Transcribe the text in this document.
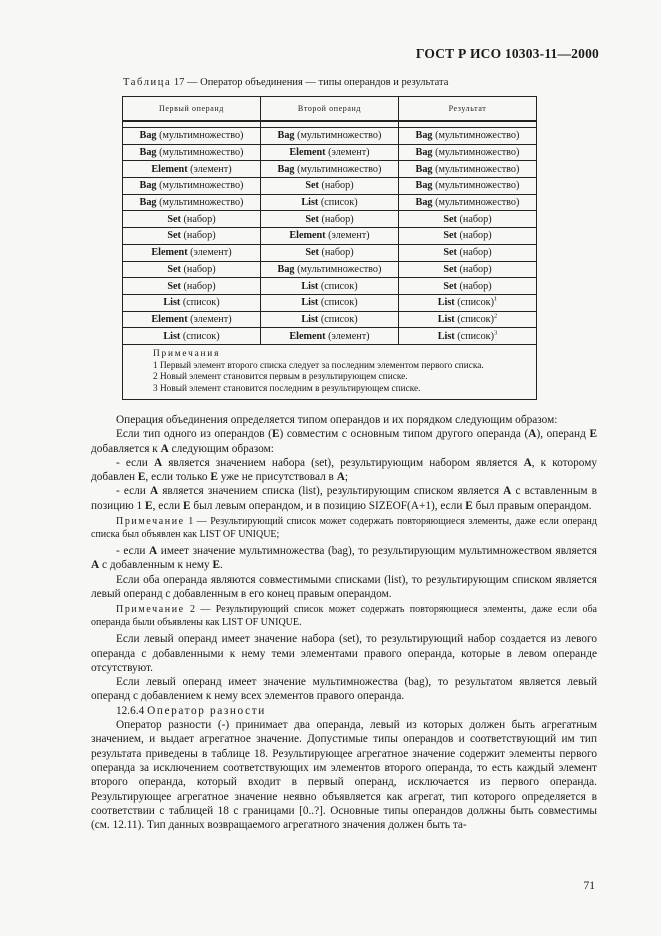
ГОСТ Р ИСО 10303-11—2000
Таблица 17 — Оператор объединения — типы операндов и результата
Первый операнд	Второй операнд	Результат

Bag (мультимножество)	Bag (мультимножество)	Bag (мультимножество)
Bag (мультимножество)	Element (элемент)	Bag (мультимножество)
Element (элемент)	Bag (мультимножество)	Bag (мультимножество)
Bag (мультимножество)	Set (набор)	Bag (мультимножество)
Bag (мультимножество)	List (список)	Bag (мультимножество)
Set (набор)	Set (набор)	Set (набор)
Set (набор)	Element (элемент)	Set (набор)
Element (элемент)	Set (набор)	Set (набор)
Set (набор)	Bag (мультимножество)	Set (набор)
Set (набор)	List (список)	Set (набор)
List (список)	List (список)	List (список)$^1$
Element (элемент)	List (список)	List (список)$^2$
List (список)	Element (элемент)	List (список)$^3$

Примечания
1 Первый элемент второго списка следует за последним элементом первого списка.
2 Новый элемент становится первым в результирующем списке.
3 Новый элемент становится последним в результирующем списке.		

Операция объединения определяется типом операндов и их порядком следующим образом:

Если тип одного из операндов (E) совместим с основным типом другого операнда (A), операнд E добавляется к A следующим образом:

- если A является значением набора (set), результирующим набором является A, к которому добавлен E, если только E уже не присутствовал в A;

- если A является значением списка (list), результирующим списком является A с вставленным в позицию 1 E, если E был левым операндом, и в позицию SIZEOF(A+1), если E был правым операндом.

Примечание 1 — Результирующий список может содержать повторяющиеся элементы, даже если операнд списка был объявлен как LIST OF UNIQUE;

- если A имеет значение мультимножества (bag), то результирующим мультимножеством является A с добавленным к нему E.

Если оба операнда являются совместимыми списками (list), то результирующим списком является левый операнд с добавленным в его конец правым операндом.

Примечание 2 — Результирующий список может содержать повторяющиеся элементы, даже если оба операнда были объявлены как LIST OF UNIQUE.

Если левый операнд имеет значение набора (set), то результирующий набор создается из левого операнда с добавленными к нему теми элементами правого операнда, которые в левом операнде отсутствуют.

Если левый операнд имеет значение мультимножества (bag), то результатом является левый операнд с добавлением к нему всех элементов правого операнда.

12.6.4 Оператор разности

Оператор разности (-) принимает два операнда, левый из которых должен быть агрегатным значением, и выдает агрегатное значение. Допустимые типы операндов и соответствующий им тип результата приведены в таблице 18. Результирующее агрегатное значение содержит элементы первого операнда за исключением соответствующих им элементов второго операнда, то есть каждый элемент второго операнда, который входит в первый операнд, исключается из первого операнда. Результирующее агрегатное значение неявно объявляется как агрегат, тип которого определяется в соответствии с таблицей 18 с границами [0..?]. Основные типы операндов должны быть совместимы (см. 12.11). Тип данных возвращаемого агрегатного значения должен быть та-

71
